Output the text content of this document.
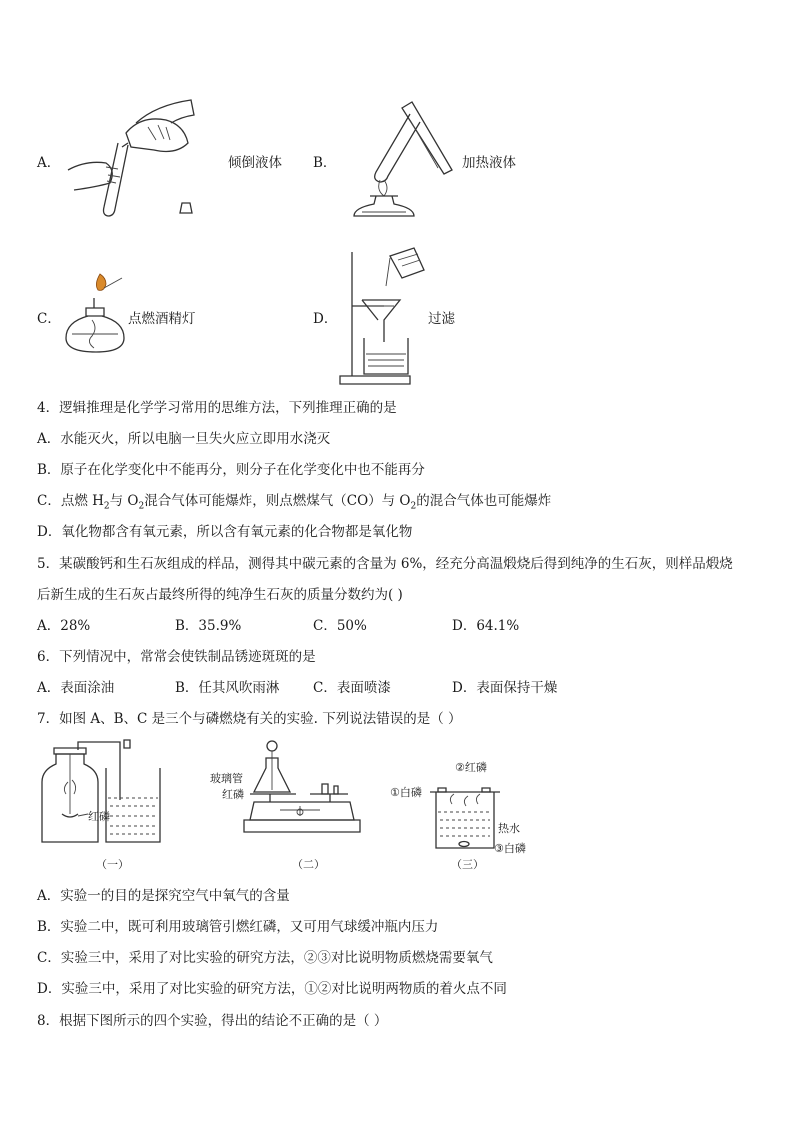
A．	倾倒液体 B．	加热液体
C．	点燃酒精灯	D．	过滤
4．逻辑推理是化学学习常用的思维方法，下列推理正确的是
A．水能灭火，所以电脑一旦失火应立即用水浇灭
B．原子在化学变化中不能再分，则分子在化学变化中也不能再分
C．点燃 $H_2$与 $O_2$混合气体可能爆炸，则点燃煤气（CO）与 $O_2$的混合气体也可能爆炸
D．氧化物都含有氧元素，所以含有氧元素的化合物都是氧化物
5．某碳酸钙和生石灰组成的样品，测得其中碳元素的含量为 6%，经充分高温煅烧后得到纯净的生石灰，则样品煅烧
后新生成的生石灰占最终所得的纯净生石灰的质量分数约为( )
A．28%	B．35.9%	C．50%	D．64.1%
6．下列情况中，常常会使铁制品锈迹斑斑的是
A．表面涂油	B．任其风吹雨淋 C．表面喷漆	D．表面保持干燥
7．如图 A、B、C 是三个与磷燃烧有关的实验. 下列说法错误的是（ ）
红磷
（一）
玻璃管
红磷
（二）
①白磷
②红磷
热水
③白磷
（三）
A．实验一的目的是探究空气中氧气的含量
B．实验二中，既可利用玻璃管引燃红磷，又可用气球缓冲瓶内压力
C．实验三中，采用了对比实验的研究方法，②③对比说明物质燃烧需要氧气
D．实验三中，采用了对比实验的研究方法，①②对比说明两物质的着火点不同
8．根据下图所示的四个实验，得出的结论不正确的是（ ）
